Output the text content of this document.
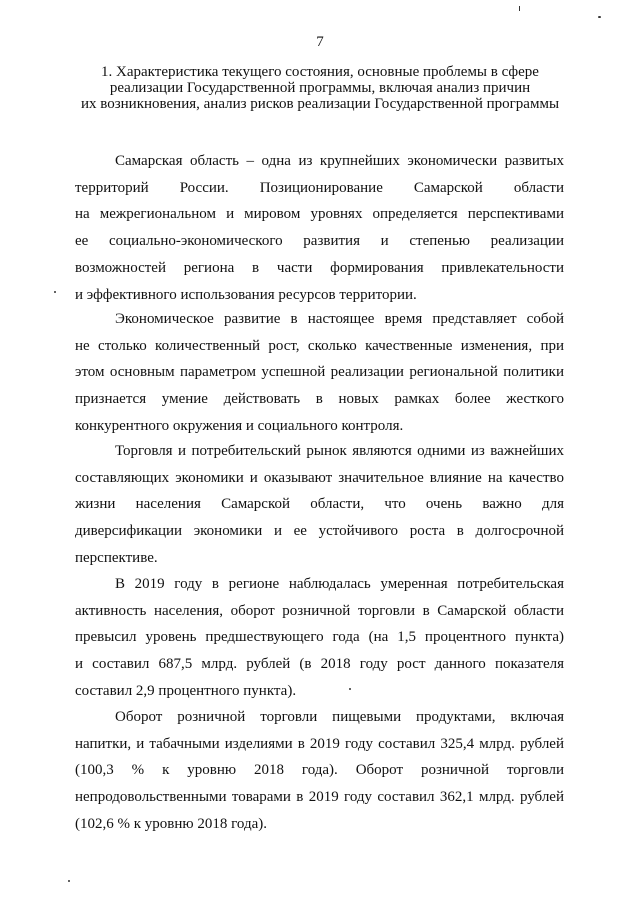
7
1. Характеристика текущего состояния, основные проблемы в сфере
реализации Государственной программы, включая анализ причин
их возникновения, анализ рисков реализации Государственной программы
Самарская область – одна из крупнейших экономически развитых
территорий России. Позиционирование Самарской области
на межрегиональном и мировом уровнях определяется перспективами
ее социально-экономического развития и степенью реализации
возможностей региона в части формирования привлекательности
и эффективного использования ресурсов территории.
Экономическое развитие в настоящее время представляет собой
не столько количественный рост, сколько качественные изменения, при
этом основным параметром успешной реализации региональной политики
признается умение действовать в новых рамках более жесткого
конкурентного окружения и социального контроля.
Торговля и потребительский рынок являются одними из важнейших
составляющих экономики и оказывают значительное влияние на качество
жизни населения Самарской области, что очень важно для
диверсификации экономики и ее устойчивого роста в долгосрочной
перспективе.
В 2019 году в регионе наблюдалась умеренная потребительская
активность населения, оборот розничной торговли в Самарской области
превысил уровень предшествующего года (на 1,5 процентного пункта)
и составил 687,5 млрд. рублей (в 2018 году рост данного показателя
составил 2,9 процентного пункта).
Оборот розничной торговли пищевыми продуктами, включая
напитки, и табачными изделиями в 2019 году составил 325,4 млрд. рублей
(100,3 % к уровню 2018 года). Оборот розничной торговли
непродовольственными товарами в 2019 году составил 362,1 млрд. рублей
(102,6 % к уровню 2018 года).
